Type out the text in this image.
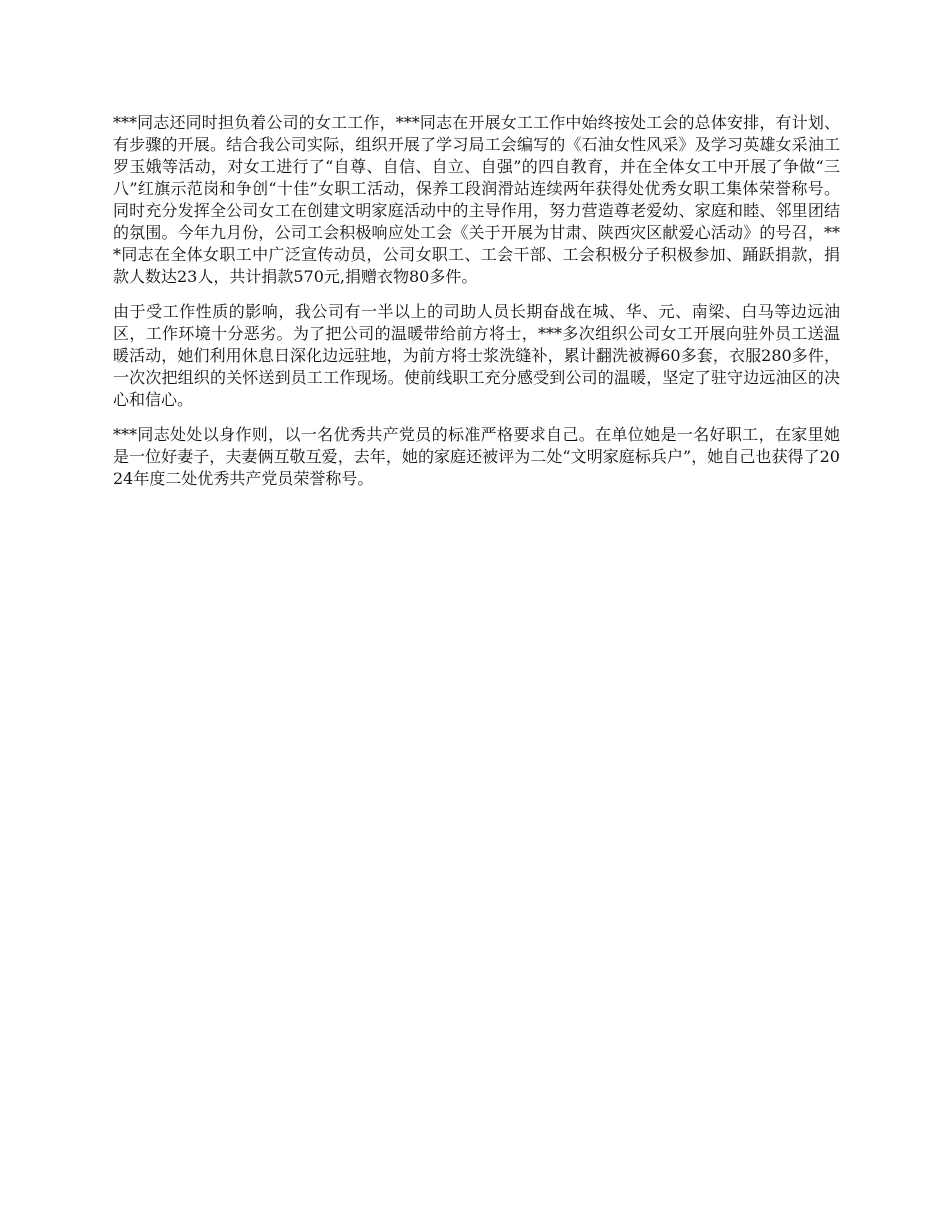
***同志还同时担负着公司的女工工作，***同志在开展女工工作中始终按处工会的总体安排，有计划、有步骤的开展。结合我公司实际，组织开展了学习局工会编写的《石油女性风采》及学习英雄女采油工罗玉娥等活动，对女工进行了“自尊、自信、自立、自强”的四自教育，并在全体女工中开展了争做“三八”红旗示范岗和争创“十佳”女职工活动，保养工段润滑站连续两年获得处优秀女职工集体荣誉称号。同时充分发挥全公司女工在创建文明家庭活动中的主导作用，努力营造尊老爱幼、家庭和睦、邻里团结的氛围。今年九月份，公司工会积极响应处工会《关于开展为甘肃、陕西灾区献爱心活动》的号召，***同志在全体女职工中广泛宣传动员，公司女职工、工会干部、工会积极分子积极参加、踊跃捐款，捐款人数达23人，共计捐款570元,捐赠衣物80多件。

由于受工作性质的影响，我公司有一半以上的司助人员长期奋战在城、华、元、南梁、白马等边远油区，工作环境十分恶劣。为了把公司的温暖带给前方将士，***多次组织公司女工开展向驻外员工送温暖活动，她们利用休息日深化边远驻地，为前方将士浆洗缝补，累计翻洗被褥60多套，衣服280多件，一次次把组织的关怀送到员工工作现场。使前线职工充分感受到公司的温暖，坚定了驻守边远油区的决心和信心。

***同志处处以身作则，以一名优秀共产党员的标准严格要求自己。在单位她是一名好职工，在家里她是一位好妻子，夫妻俩互敬互爱，去年，她的家庭还被评为二处“文明家庭标兵户”，她自己也获得了2024年度二处优秀共产党员荣誉称号。
